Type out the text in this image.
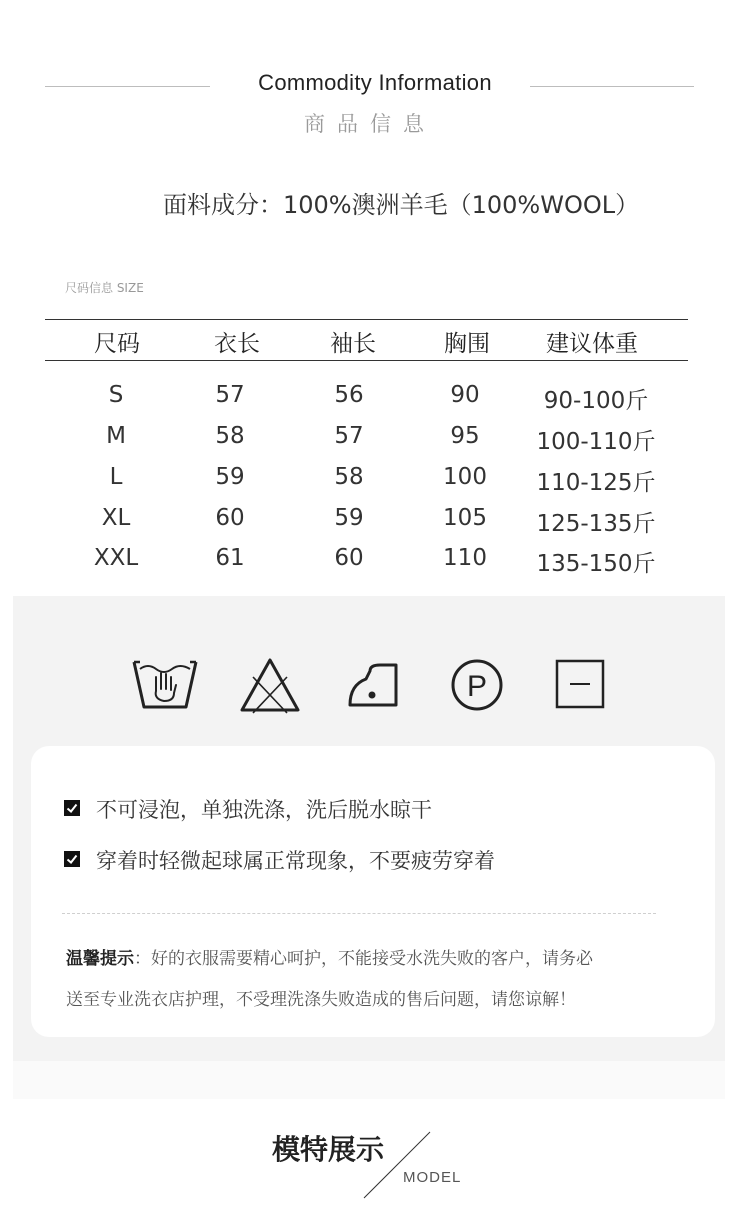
Commodity Information
商品信息
面料成分：100%澳洲羊毛（100%WOOL）
尺码信息 SIZE
尺码	衣长	袖长	胸围	建议体重
S	57	56	90	90-100斤
M	58	57	95	100-110斤
L	59	58	100	110-125斤
XL	60	59	105	125-135斤
XXL	61	60	110	135-150斤
P
不可浸泡，单独洗涤，洗后脱水晾干
穿着时轻微起球属正常现象，不要疲劳穿着
温馨提示：好的衣服需要精心呵护，不能接受水洗失败的客户，请务必
送至专业洗衣店护理，不受理洗涤失败造成的售后问题，请您谅解！
模特展示
MODEL
